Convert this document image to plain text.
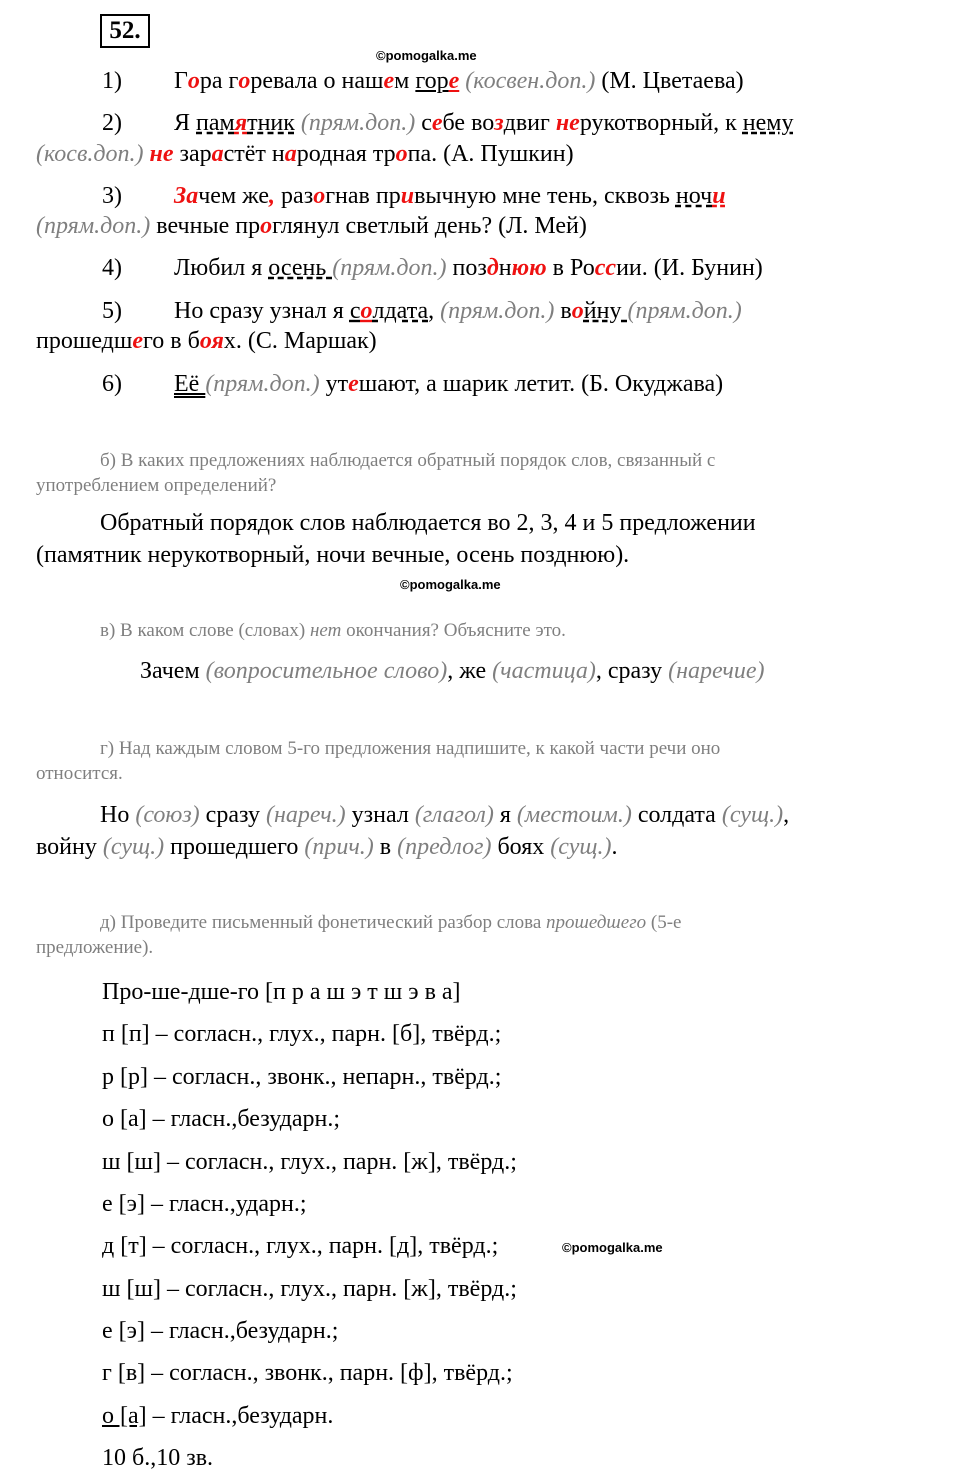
52.
©pomogalka.me
1) Гора горевала о нашем горе (косвен.доп.) (М. Цветаева)
2) Я памятник (прям.доп.) себе воздвиг нерукотворный, к нему
(косв.доп.) не зарастёт народная тропа. (А. Пушкин)
3) Зачем же, разогнав привычную мне тень, сквозь ночи
(прям.доп.) вечные проглянул светлый день? (Л. Мей)
4) Любил я осень (прям.доп.) позднюю в России. (И. Бунин)
5) Но сразу узнал я солдата, (прям.доп.) войну (прям.доп.)
прошедшего в боях. (С. Маршак)
6) Её (прям.доп.) утешают, а шарик летит. (Б. Окуджава)
б) В каких предложениях наблюдается обратный порядок слов, связанный с
употреблением определений?
Обратный порядок слов наблюдается во 2, 3, 4 и 5 предложении
(памятник нерукотворный, ночи вечные, осень позднюю).
©pomogalka.me
в) В каком слове (словах) нет окончания? Объясните это.
Зачем (вопросительное слово), же (частица), сразу (наречие)
г) Над каждым словом 5-го предложения надпишите, к какой части речи оно
относится.
Но (союз) сразу (нареч.) узнал (глагол) я (местоим.) солдата (сущ.),
войну (сущ.) прошедшего (прич.) в (предлог) боях (сущ.).
д) Проведите письменный фонетический разбор слова прошедшего (5-е
предложение).
Про-ше-дше-го [п р а ш э т ш э в а]
п [п] – согласн., глух., парн. [б], твёрд.;
р [р] – согласн., звонк., непарн., твёрд.;
о [а] – гласн.,безударн.;
ш [ш] – согласн., глух., парн. [ж], твёрд.;
е [э] – гласн.,ударн.;
д [т] – согласн., глух., парн. [д], твёрд.;	©pomogalka.me
ш [ш] – согласн., глух., парн. [ж], твёрд.;
е [э] – гласн.,безударн.;
г [в] – согласн., звонк., парн. [ф], твёрд.;
о [а] – гласн.,безударн.
10 б.,10 зв.
